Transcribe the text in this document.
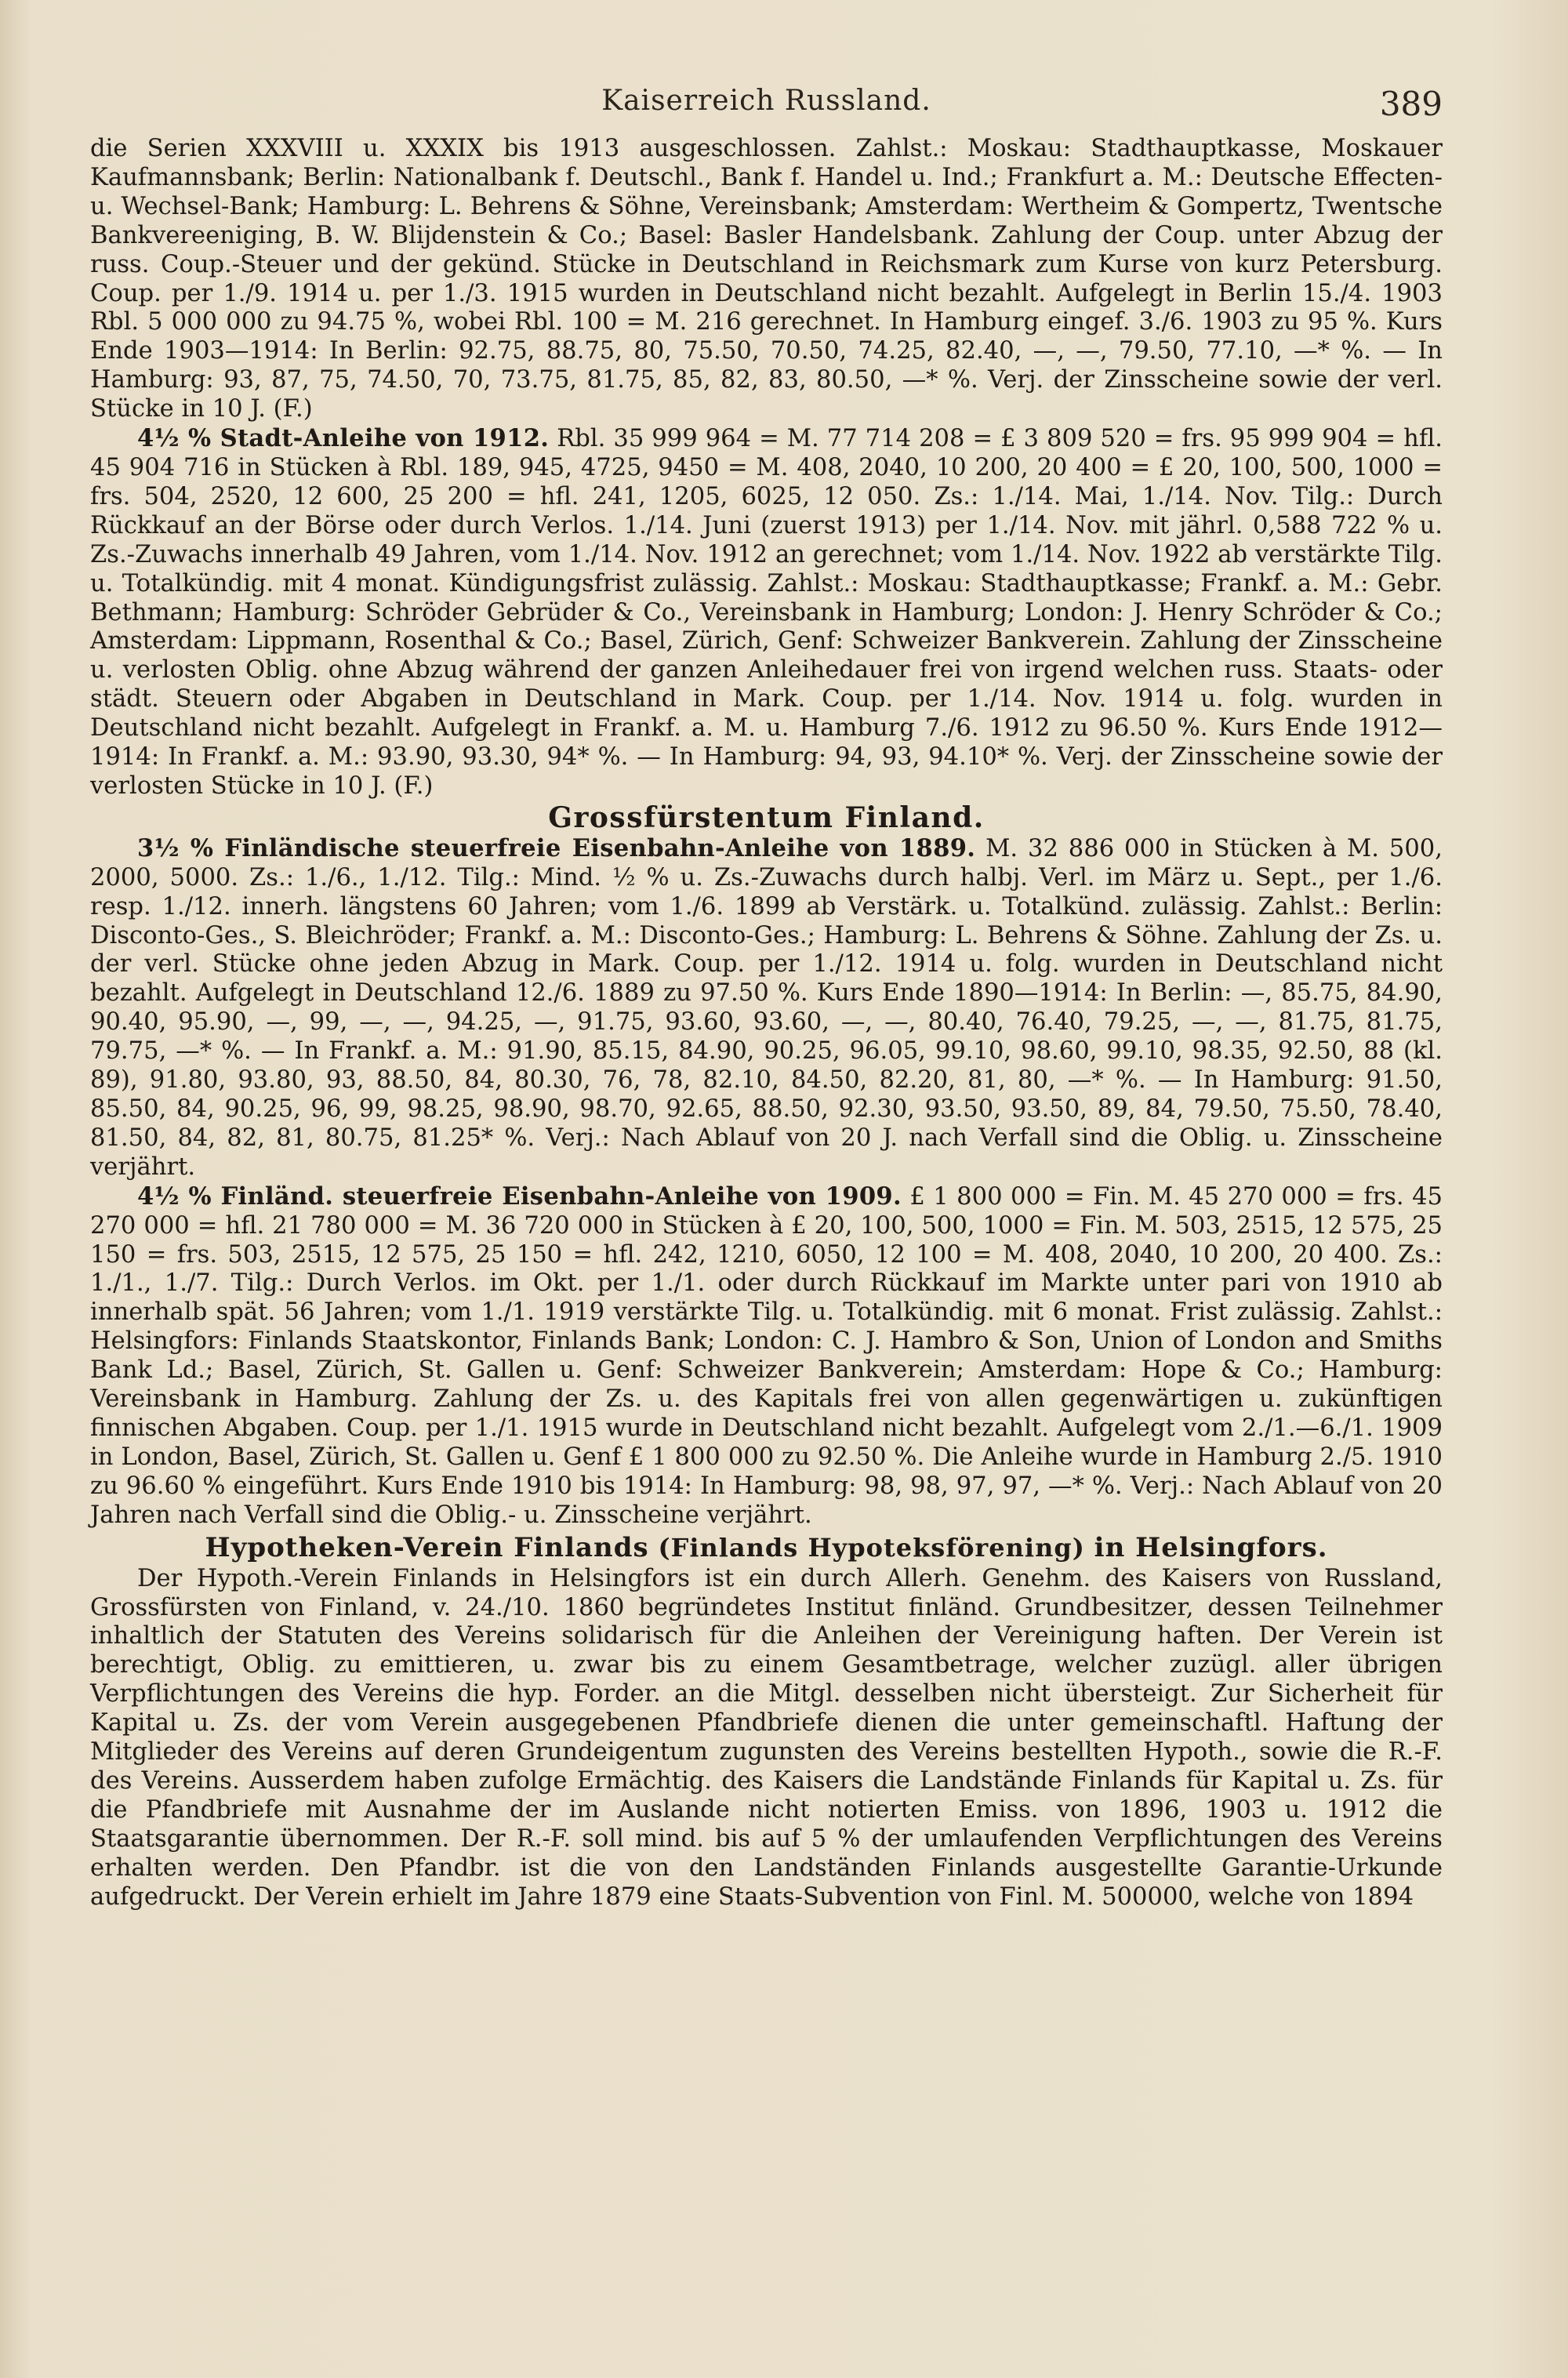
Kaiserreich Russland.	389

die Serien XXXVIII u. XXXIX bis 1913 ausgeschlossen. Zahlst.: Moskau: Stadthauptkasse, Moskauer Kaufmannsbank; Berlin: Nationalbank f. Deutschl., Bank f. Handel u. Ind.; Frankfurt a. M.: Deutsche Effecten- u. Wechsel-Bank; Hamburg: L. Behrens & Söhne, Vereinsbank; Amsterdam: Wertheim & Gompertz, Twentsche Bankvereeniging, B. W. Blijdenstein & Co.; Basel: Basler Handelsbank. Zahlung der Coup. unter Abzug der russ. Coup.-Steuer und der gekünd. Stücke in Deutschland in Reichsmark zum Kurse von kurz Petersburg. Coup. per 1./9. 1914 u. per 1./3. 1915 wurden in Deutschland nicht bezahlt. Aufgelegt in Berlin 15./4. 1903 Rbl. 5 000 000 zu 94.75 %, wobei Rbl. 100 = M. 216 gerechnet. In Hamburg eingef. 3./6. 1903 zu 95 %. Kurs Ende 1903—1914: In Berlin: 92.75, 88.75, 80, 75.50, 70.50, 74.25, 82.40, —, —, 79.50, 77.10, —* %. — In Hamburg: 93, 87, 75, 74.50, 70, 73.75, 81.75, 85, 82, 83, 80.50, —* %. Verj. der Zinsscheine sowie der verl. Stücke in 10 J. (F.)

4½ % Stadt-Anleihe von 1912. Rbl. 35 999 964 = M. 77 714 208 = £ 3 809 520 = frs. 95 999 904 = hfl. 45 904 716 in Stücken à Rbl. 189, 945, 4725, 9450 = M. 408, 2040, 10 200, 20 400 = £ 20, 100, 500, 1000 = frs. 504, 2520, 12 600, 25 200 = hfl. 241, 1205, 6025, 12 050. Zs.: 1./14. Mai, 1./14. Nov. Tilg.: Durch Rückkauf an der Börse oder durch Verlos. 1./14. Juni (zuerst 1913) per 1./14. Nov. mit jährl. 0,588 722 % u. Zs.-Zuwachs innerhalb 49 Jahren, vom 1./14. Nov. 1912 an gerechnet; vom 1./14. Nov. 1922 ab verstärkte Tilg. u. Totalkündig. mit 4 monat. Kündigungsfrist zulässig. Zahlst.: Moskau: Stadthauptkasse; Frankf. a. M.: Gebr. Bethmann; Hamburg: Schröder Gebrüder & Co., Vereinsbank in Hamburg; London: J. Henry Schröder & Co.; Amsterdam: Lippmann, Rosenthal & Co.; Basel, Zürich, Genf: Schweizer Bankverein. Zahlung der Zinsscheine u. verlosten Oblig. ohne Abzug während der ganzen Anleihedauer frei von irgend welchen russ. Staats- oder städt. Steuern oder Abgaben in Deutschland in Mark. Coup. per 1./14. Nov. 1914 u. folg. wurden in Deutschland nicht bezahlt. Aufgelegt in Frankf. a. M. u. Hamburg 7./6. 1912 zu 96.50 %. Kurs Ende 1912—1914: In Frankf. a. M.: 93.90, 93.30, 94* %. — In Hamburg: 94, 93, 94.10* %. Verj. der Zinsscheine sowie der verlosten Stücke in 10 J. (F.)

Grossfürstentum Finland.

3½ % Finländische steuerfreie Eisenbahn-Anleihe von 1889. M. 32 886 000 in Stücken à M. 500, 2000, 5000. Zs.: 1./6., 1./12. Tilg.: Mind. ½ % u. Zs.-Zuwachs durch halbj. Verl. im März u. Sept., per 1./6. resp. 1./12. innerh. längstens 60 Jahren; vom 1./6. 1899 ab Verstärk. u. Totalkünd. zulässig. Zahlst.: Berlin: Disconto-Ges., S. Bleichröder; Frankf. a. M.: Disconto-Ges.; Hamburg: L. Behrens & Söhne. Zahlung der Zs. u. der verl. Stücke ohne jeden Abzug in Mark. Coup. per 1./12. 1914 u. folg. wurden in Deutschland nicht bezahlt. Aufgelegt in Deutschland 12./6. 1889 zu 97.50 %. Kurs Ende 1890—1914: In Berlin: —, 85.75, 84.90, 90.40, 95.90, —, 99, —, —, 94.25, —, 91.75, 93.60, 93.60, —, —, 80.40, 76.40, 79.25, —, —, 81.75, 81.75, 79.75, —* %. — In Frankf. a. M.: 91.90, 85.15, 84.90, 90.25, 96.05, 99.10, 98.60, 99.10, 98.35, 92.50, 88 (kl. 89), 91.80, 93.80, 93, 88.50, 84, 80.30, 76, 78, 82.10, 84.50, 82.20, 81, 80, —* %. — In Hamburg: 91.50, 85.50, 84, 90.25, 96, 99, 98.25, 98.90, 98.70, 92.65, 88.50, 92.30, 93.50, 93.50, 89, 84, 79.50, 75.50, 78.40, 81.50, 84, 82, 81, 80.75, 81.25* %. Verj.: Nach Ablauf von 20 J. nach Verfall sind die Oblig. u. Zinsscheine verjährt.

4½ % Finländ. steuerfreie Eisenbahn-Anleihe von 1909. £ 1 800 000 = Fin. M. 45 270 000 = frs. 45 270 000 = hfl. 21 780 000 = M. 36 720 000 in Stücken à £ 20, 100, 500, 1000 = Fin. M. 503, 2515, 12 575, 25 150 = frs. 503, 2515, 12 575, 25 150 = hfl. 242, 1210, 6050, 12 100 = M. 408, 2040, 10 200, 20 400. Zs.: 1./1., 1./7. Tilg.: Durch Verlos. im Okt. per 1./1. oder durch Rückkauf im Markte unter pari von 1910 ab innerhalb spät. 56 Jahren; vom 1./1. 1919 verstärkte Tilg. u. Totalkündig. mit 6 monat. Frist zulässig. Zahlst.: Helsingfors: Finlands Staatskontor, Finlands Bank; London: C. J. Hambro & Son, Union of London and Smiths Bank Ld.; Basel, Zürich, St. Gallen u. Genf: Schweizer Bankverein; Amsterdam: Hope & Co.; Hamburg: Vereinsbank in Hamburg. Zahlung der Zs. u. des Kapitals frei von allen gegenwärtigen u. zukünftigen finnischen Abgaben. Coup. per 1./1. 1915 wurde in Deutschland nicht bezahlt. Aufgelegt vom 2./1.—6./1. 1909 in London, Basel, Zürich, St. Gallen u. Genf £ 1 800 000 zu 92.50 %. Die Anleihe wurde in Hamburg 2./5. 1910 zu 96.60 % eingeführt. Kurs Ende 1910 bis 1914: In Hamburg: 98, 98, 97, 97, —* %. Verj.: Nach Ablauf von 20 Jahren nach Verfall sind die Oblig.- u. Zinsscheine verjährt.

Hypotheken-Verein Finlands (Finlands Hypoteksförening) in Helsingfors.

Der Hypoth.-Verein Finlands in Helsingfors ist ein durch Allerh. Genehm. des Kaisers von Russland, Grossfürsten von Finland, v. 24./10. 1860 begründetes Institut finländ. Grundbesitzer, dessen Teilnehmer inhaltlich der Statuten des Vereins solidarisch für die Anleihen der Vereinigung haften. Der Verein ist berechtigt, Oblig. zu emittieren, u. zwar bis zu einem Gesamtbetrage, welcher zuzügl. aller übrigen Verpflichtungen des Vereins die hyp. Forder. an die Mitgl. desselben nicht übersteigt. Zur Sicherheit für Kapital u. Zs. der vom Verein ausgegebenen Pfandbriefe dienen die unter gemeinschaftl. Haftung der Mitglieder des Vereins auf deren Grundeigentum zugunsten des Vereins bestellten Hypoth., sowie die R.-F. des Vereins. Ausserdem haben zufolge Ermächtig. des Kaisers die Landstände Finlands für Kapital u. Zs. für die Pfandbriefe mit Ausnahme der im Auslande nicht notierten Emiss. von 1896, 1903 u. 1912 die Staatsgarantie übernommen. Der R.-F. soll mind. bis auf 5 % der umlaufenden Verpflichtungen des Vereins erhalten werden. Den Pfandbr. ist die von den Landständen Finlands ausgestellte Garantie-Urkunde aufgedruckt. Der Verein erhielt im Jahre 1879 eine Staats-Subvention von Finl. M. 500000, welche von 1894
